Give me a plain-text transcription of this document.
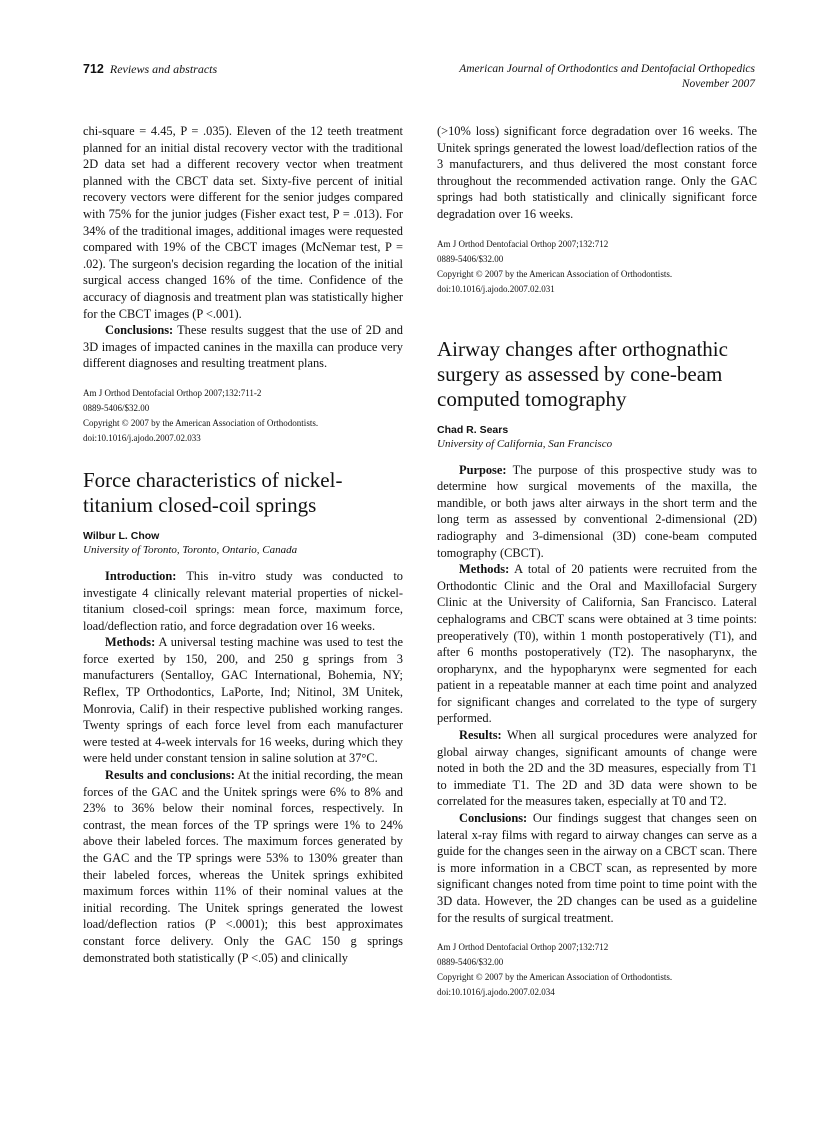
712 Reviews and abstracts	American Journal of Orthodontics and Dentofacial Orthopedics
November 2007

chi-square = 4.45, P = .035). Eleven of the 12 teeth treatment planned for an initial distal recovery vector with the traditional 2D data set had a different recovery vector when treatment planned with the CBCT data set. Sixty-five percent of initial recovery vectors were different for the senior judges compared with 75% for the junior judges (Fisher exact test, P = .013). For 34% of the traditional images, additional images were requested compared with 19% of the CBCT images (McNemar test, P = .02). The surgeon's decision regarding the location of the initial surgical access changed 16% of the time. Confidence of the accuracy of diagnosis and treatment plan was statistically higher for the CBCT images (P <.001).

Conclusions: These results suggest that the use of 2D and 3D images of impacted canines in the maxilla can produce very different diagnoses and resulting treatment plans.

Am J Orthod Dentofacial Orthop 2007;132:711-2
0889-5406/$32.00
Copyright © 2007 by the American Association of Orthodontists.
doi:10.1016/j.ajodo.2007.02.033
Force characteristics of nickel-titanium closed-coil springs
Wilbur L. Chow
University of Toronto, Toronto, Ontario, Canada

Introduction: This in-vitro study was conducted to investigate 4 clinically relevant material properties of nickel-titanium closed-coil springs: mean force, maximum force, load/deflection ratio, and force degradation over 16 weeks.

Methods: A universal testing machine was used to test the force exerted by 150, 200, and 250 g springs from 3 manufacturers (Sentalloy, GAC International, Bohemia, NY; Reflex, TP Orthodontics, LaPorte, Ind; Nitinol, 3M Unitek, Monrovia, Calif) in their respective published working ranges. Twenty springs of each force level from each manufacturer were tested at 4-week intervals for 16 weeks, during which they were held under constant tension in saline solution at 37°C.

Results and conclusions: At the initial recording, the mean forces of the GAC and the Unitek springs were 6% to 8% and 23% to 36% below their nominal forces, respectively. In contrast, the mean forces of the TP springs were 1% to 24% above their labeled forces. The maximum forces generated by the GAC and the TP springs were 53% to 130% greater than their labeled forces, whereas the Unitek springs exhibited maximum forces within 11% of their nominal values at the initial recording. The Unitek springs generated the lowest load/deflection ratios (P <.0001); this best approximates constant force delivery. Only the GAC 150 g springs demonstrated both statistically (P <.05) and clinically

(>10% loss) significant force degradation over 16 weeks. The Unitek springs generated the lowest load/deflection ratios of the 3 manufacturers, and thus delivered the most constant force throughout the recommended activation range. Only the GAC springs had both statistically and clinically significant force degradation over 16 weeks.

Am J Orthod Dentofacial Orthop 2007;132:712
0889-5406/$32.00
Copyright © 2007 by the American Association of Orthodontists.
doi:10.1016/j.ajodo.2007.02.031
Airway changes after orthognathic surgery as assessed by cone-beam computed tomography
Chad R. Sears
University of California, San Francisco

Purpose: The purpose of this prospective study was to determine how surgical movements of the maxilla, the mandible, or both jaws alter airways in the short term and the long term as assessed by conventional 2-dimensional (2D) radiography and 3-dimensional (3D) cone-beam computed tomography (CBCT).

Methods: A total of 20 patients were recruited from the Orthodontic Clinic and the Oral and Maxillofacial Surgery Clinic at the University of California, San Francisco. Lateral cephalograms and CBCT scans were obtained at 3 time points: preoperatively (T0), within 1 month postoperatively (T1), and after 6 months postoperatively (T2). The nasopharynx, the oropharynx, and the hypopharynx were segmented for each patient in a repeatable manner at each time point and analyzed for significant changes and correlated to the type of surgery performed.

Results: When all surgical procedures were analyzed for global airway changes, significant amounts of change were noted in both the 2D and the 3D measures, especially from T1 to immediate T1. The 2D and 3D data were shown to be correlated for the measures taken, especially at T0 and T2.

Conclusions: Our findings suggest that changes seen on lateral x-ray films with regard to airway changes can serve as a guide for the changes seen in the airway on a CBCT scan. There is more information in a CBCT scan, as represented by more significant changes noted from time point to time point with the 3D data. However, the 2D changes can be used as a guideline for the results of surgical treatment.

Am J Orthod Dentofacial Orthop 2007;132:712
0889-5406/$32.00
Copyright © 2007 by the American Association of Orthodontists.
doi:10.1016/j.ajodo.2007.02.034
